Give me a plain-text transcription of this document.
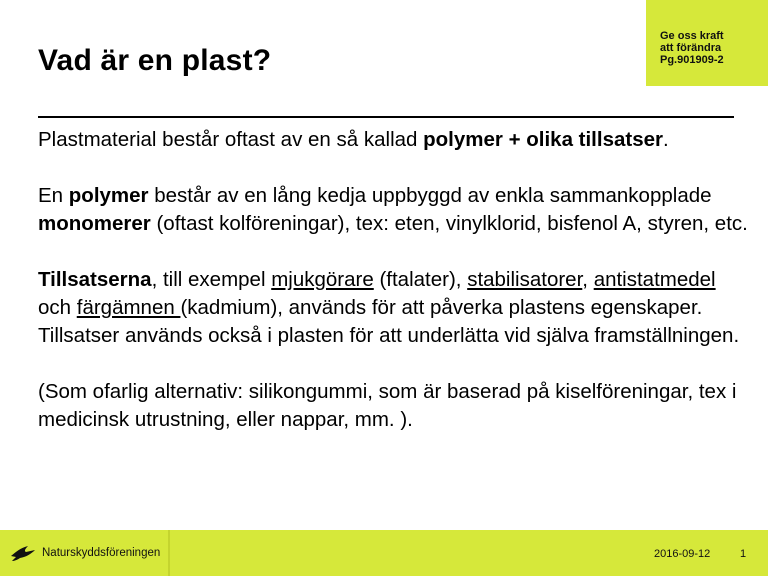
Vad är en plast?
Ge oss kraft
att förändra
Pg.901909-2

Plastmaterial består oftast av en så kallad polymer + olika tillsatser.

En polymer består av en lång kedja uppbyggd av enkla sammankopplade monomerer (oftast kolföreningar), tex: eten, vinylklorid, bisfenol A, styren, etc.

Tillsatserna, till exempel mjukgörare (ftalater), stabilisatorer, antistatmedel och färgämnen (kadmium), används för att påverka plastens egenskaper. Tillsatser används också i plasten för att underlätta vid själva framställningen.

(Som ofarlig alternativ: silikongummi, som är baserad på kiselföreningar, tex i medicinsk utrustning, eller nappar, mm. ).

Naturskyddsföreningen	2016-09-12	1
